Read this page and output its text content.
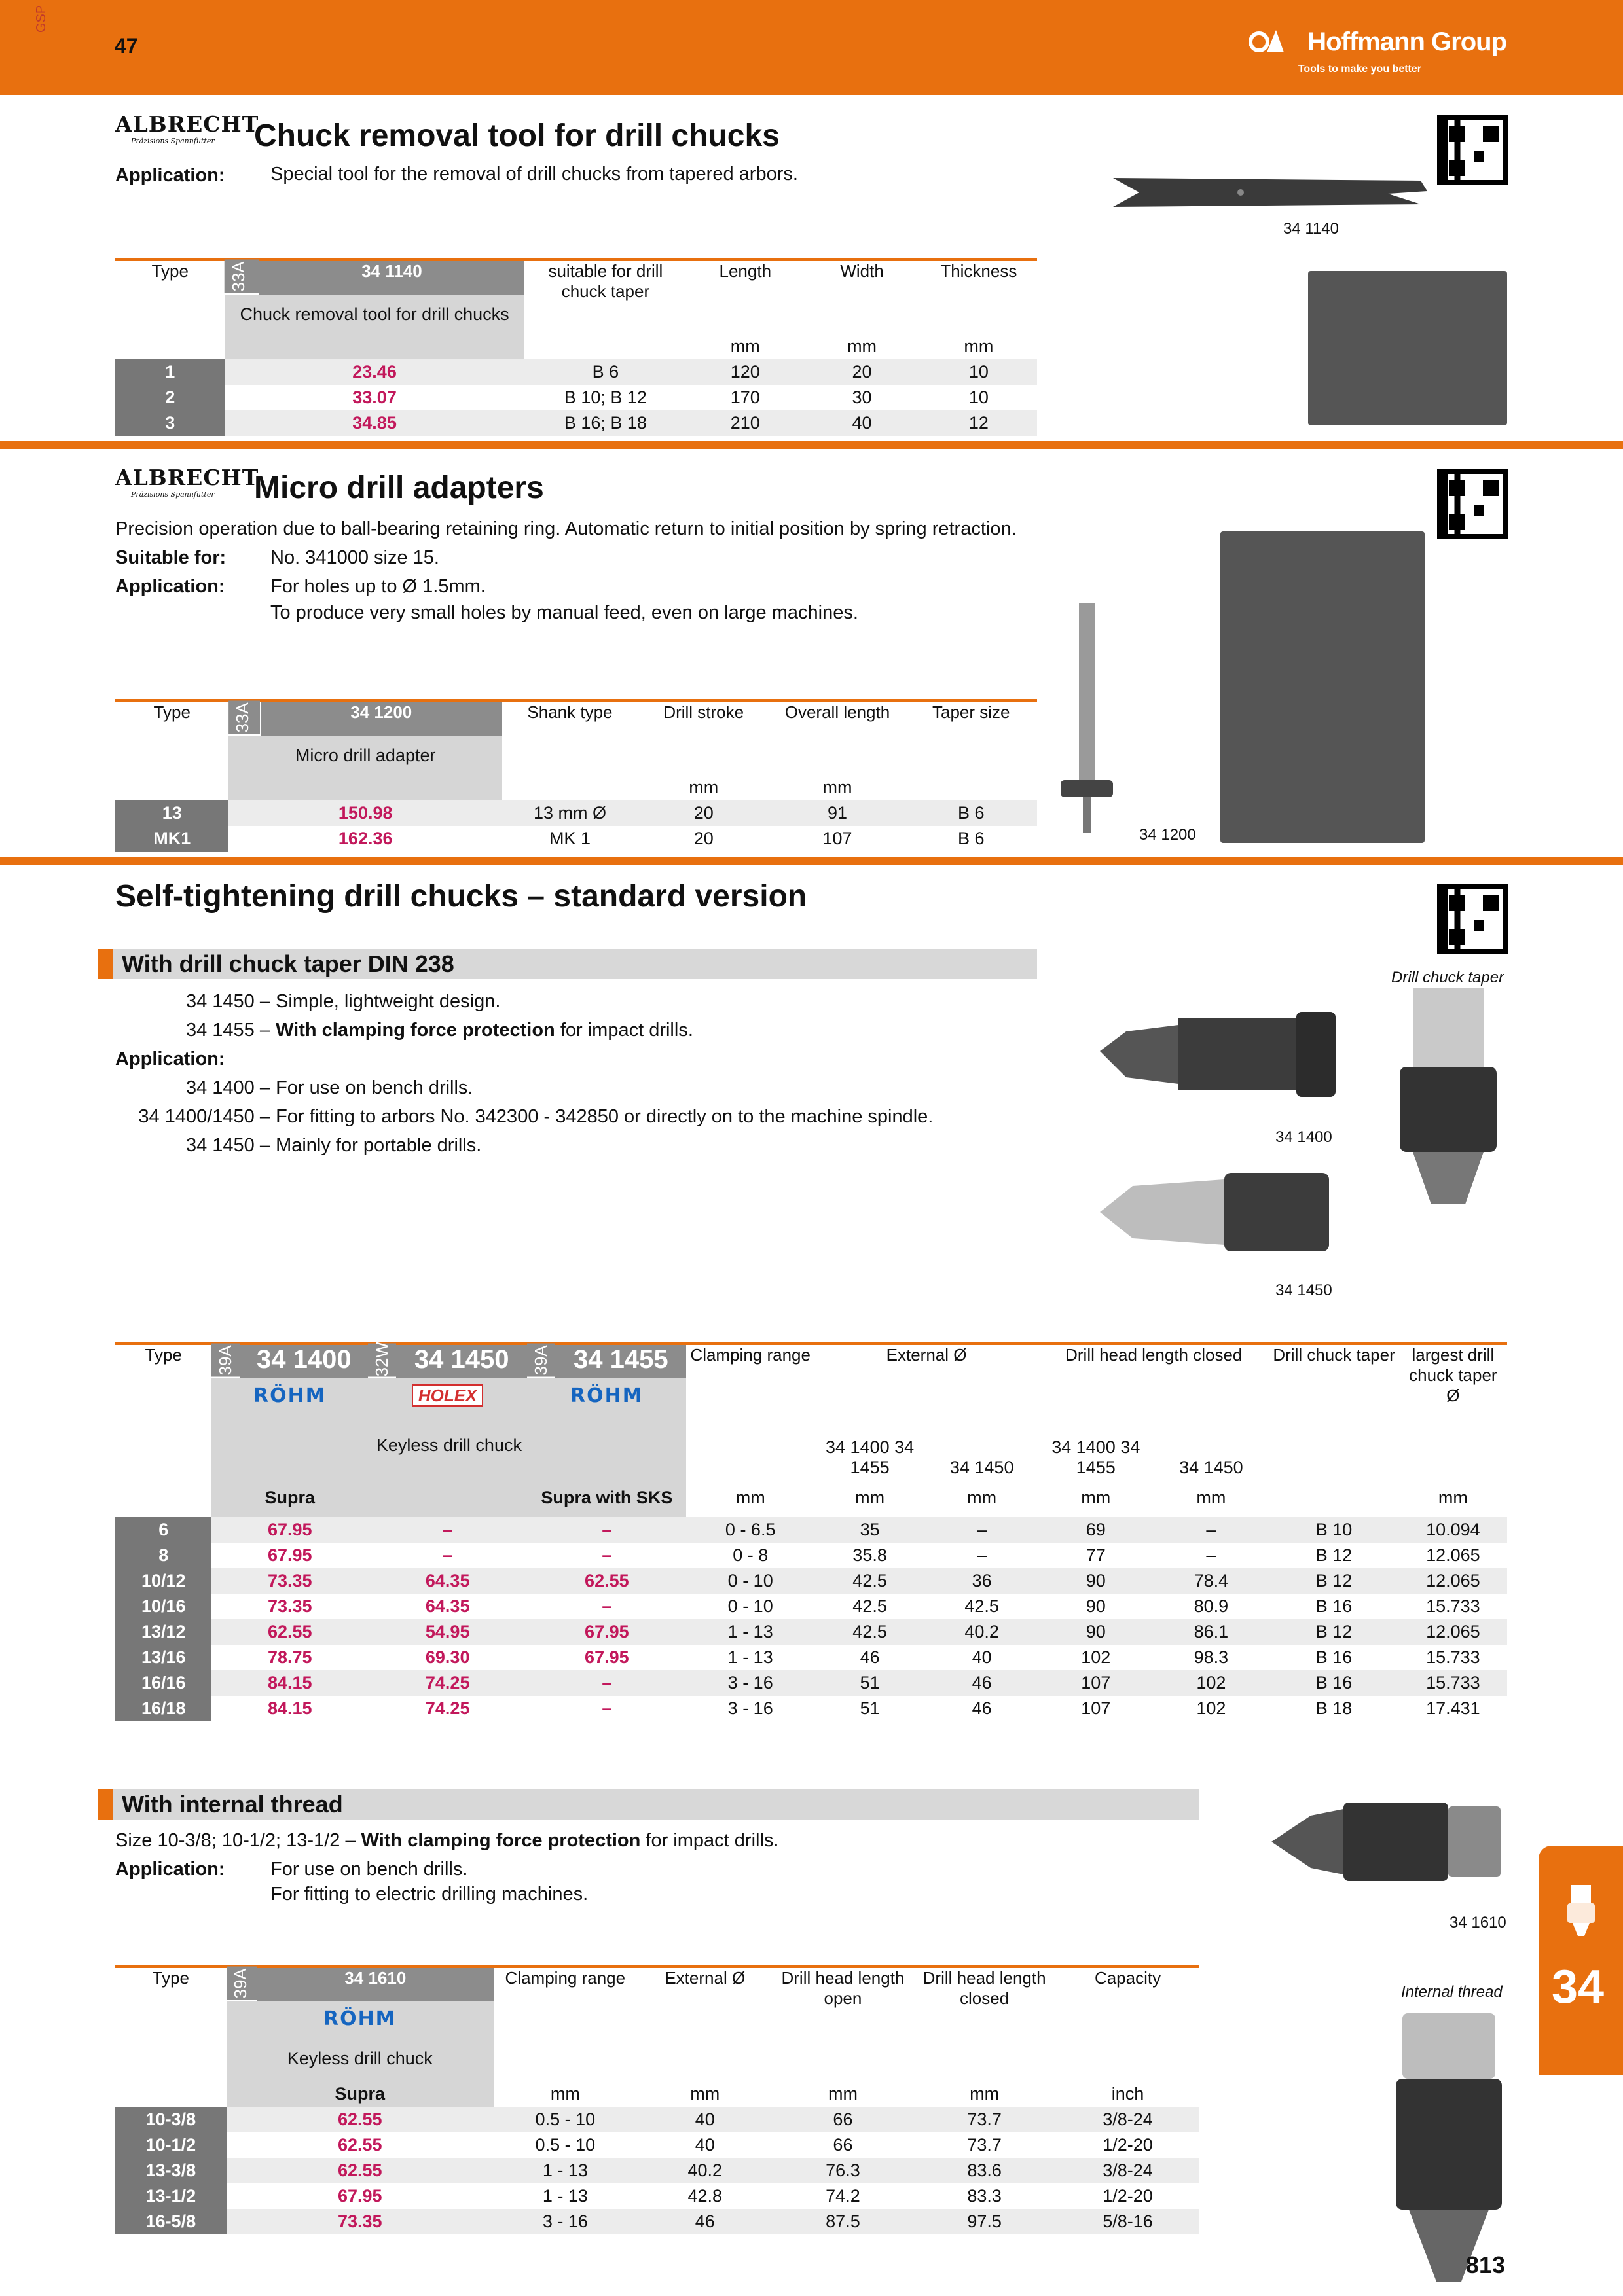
GSP
47	Hoffmann Group
Tools to make you better
ALBRECHT
Präzisions Spannfutter	Chuck removal tool for drill chucks
Application: Special tool for the removal of drill chucks from tapered arbors.
34 1140
Type	33A	34 1140	suitable for drill chuck taper	Length	Width	Thickness
	Chuck removal tool for drill chucks					
				mm	mm	mm
1	23.46		B 6	120	20	10
2	33.07		B 10; B 12	170	30	10
3	34.85		B 16; B 18	210	40	12
ALBRECHT
Präzisions Spannfutter	Micro drill adapters
Precision operation due to ball-bearing retaining ring. Automatic return to initial position by spring retraction.
Suitable for: No. 341000 size 15.
Application: For holes up to Ø 1.5mm.
To produce very small holes by manual feed, even on large machines.
34 1200
Type	33A	34 1200	Shank type	Drill stroke	Overall length	Taper size
	Micro drill adapter					
				mm	mm	
13	150.98		13 mm Ø	20	91	B 6
MK1	162.36		MK 1	20	107	B 6
Self-tightening drill chucks – standard version
With drill chuck taper DIN 238
Drill chuck taper
34 1450 – Simple, lightweight design.
34 1455 – With clamping force protection for impact drills.
Application:
34 1400 – For use on bench drills.
34 1400/1450 – For fitting to arbors No. 342300 - 342850 or directly on to the machine spindle.
34 1450 – Mainly for portable drills.	34 1400
34 1450
Type	39A	34 1400	32W	34 1450	39A	34 1455	Clamping range	External Ø		Drill head length closed		Drill chuck taper	largest drill chuck taper Ø
	RÖHM		HOLEX		RÖHM			34 1400 34 1455	34 1450	34 1400 34 1455	34 1450		
	Keyless drill chuck												
	Supra				Supra with SKS		mm	mm	mm	mm	mm		mm
6	67.95		–		–		0 - 6.5	35	–	69	–	B 10	10.094
8	67.95		–		–		0 - 8	35.8	–	77	–	B 12	12.065
10/12	73.35		64.35		62.55		0 - 10	42.5	36	90	78.4	B 12	12.065
10/16	73.35		64.35		–		0 - 10	42.5	42.5	90	80.9	B 16	15.733
13/12	62.55		54.95		67.95		1 - 13	42.5	40.2	90	86.1	B 12	12.065
13/16	78.75		69.30		67.95		1 - 13	46	40	102	98.3	B 16	15.733
16/16	84.15		74.25		–		3 - 16	51	46	107	102	B 16	15.733
16/18	84.15		74.25		–		3 - 16	51	46	107	102	B 18	17.431
With internal thread
Size 10-3/8; 10-1/2; 13-1/2 – With clamping force protection for impact drills.
Application: For use on bench drills.
For fitting to electric drilling machines.
34 1610
Internal thread
Type	39A	34 1610	Clamping range	External Ø	Drill head length open	Drill head length closed	Capacity
	RÖHM						
	Keyless drill chuck						
	Supra		mm	mm	mm	mm	inch
10-3/8	62.55		0.5 - 10	40	66	73.7	3/8-24
10-1/2	62.55		0.5 - 10	40	66	73.7	1/2-20
13-3/8	62.55		1 - 13	40.2	76.3	83.6	3/8-24
13-1/2	67.95		1 - 13	42.8	74.2	83.3	1/2-20
16-5/8	73.35		3 - 16	46	87.5	97.5	5/8-16
34
813
